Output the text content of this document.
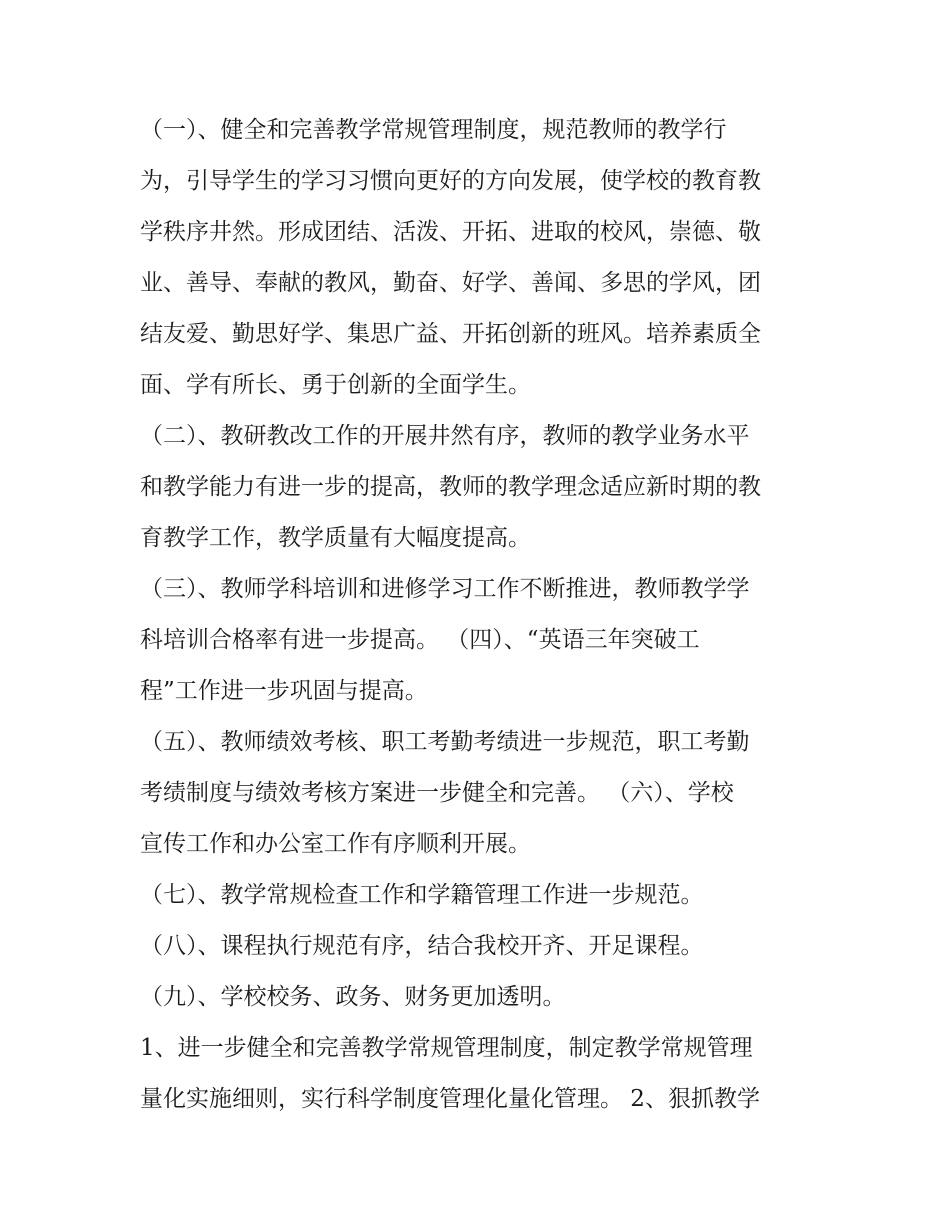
（一）、健全和完善教学常规管理制度，规范教师的教学行
为，引导学生的学习习惯向更好的方向发展，使学校的教育教
学秩序井然。形成团结、活泼、开拓、进取的校风，崇德、敬
业、善导、奉献的教风，勤奋、好学、善闻、多思的学风，团
结友爱、勤思好学、集思广益、开拓创新的班风。培养素质全
面、学有所长、勇于创新的全面学生。
（二）、教研教改工作的开展井然有序，教师的教学业务水平
和教学能力有进一步的提高，教师的教学理念适应新时期的教
育教学工作，教学质量有大幅度提高。
（三）、教师学科培训和进修学习工作不断推进，教师教学学
科培训合格率有进一步提高。 （四）、“英语三年突破工
程”工作进一步巩固与提高。
（五）、教师绩效考核、职工考勤考绩进一步规范，职工考勤
考绩制度与绩效考核方案进一步健全和完善。 （六）、学校
宣传工作和办公室工作有序顺利开展。
（七）、教学常规检查工作和学籍管理工作进一步规范。
（八）、课程执行规范有序，结合我校开齐、开足课程。
（九）、学校校务、政务、财务更加透明。
1、进一步健全和完善教学常规管理制度，制定教学常规管理
量化实施细则，实行科学制度管理化量化管理。 2、狠抓教学
